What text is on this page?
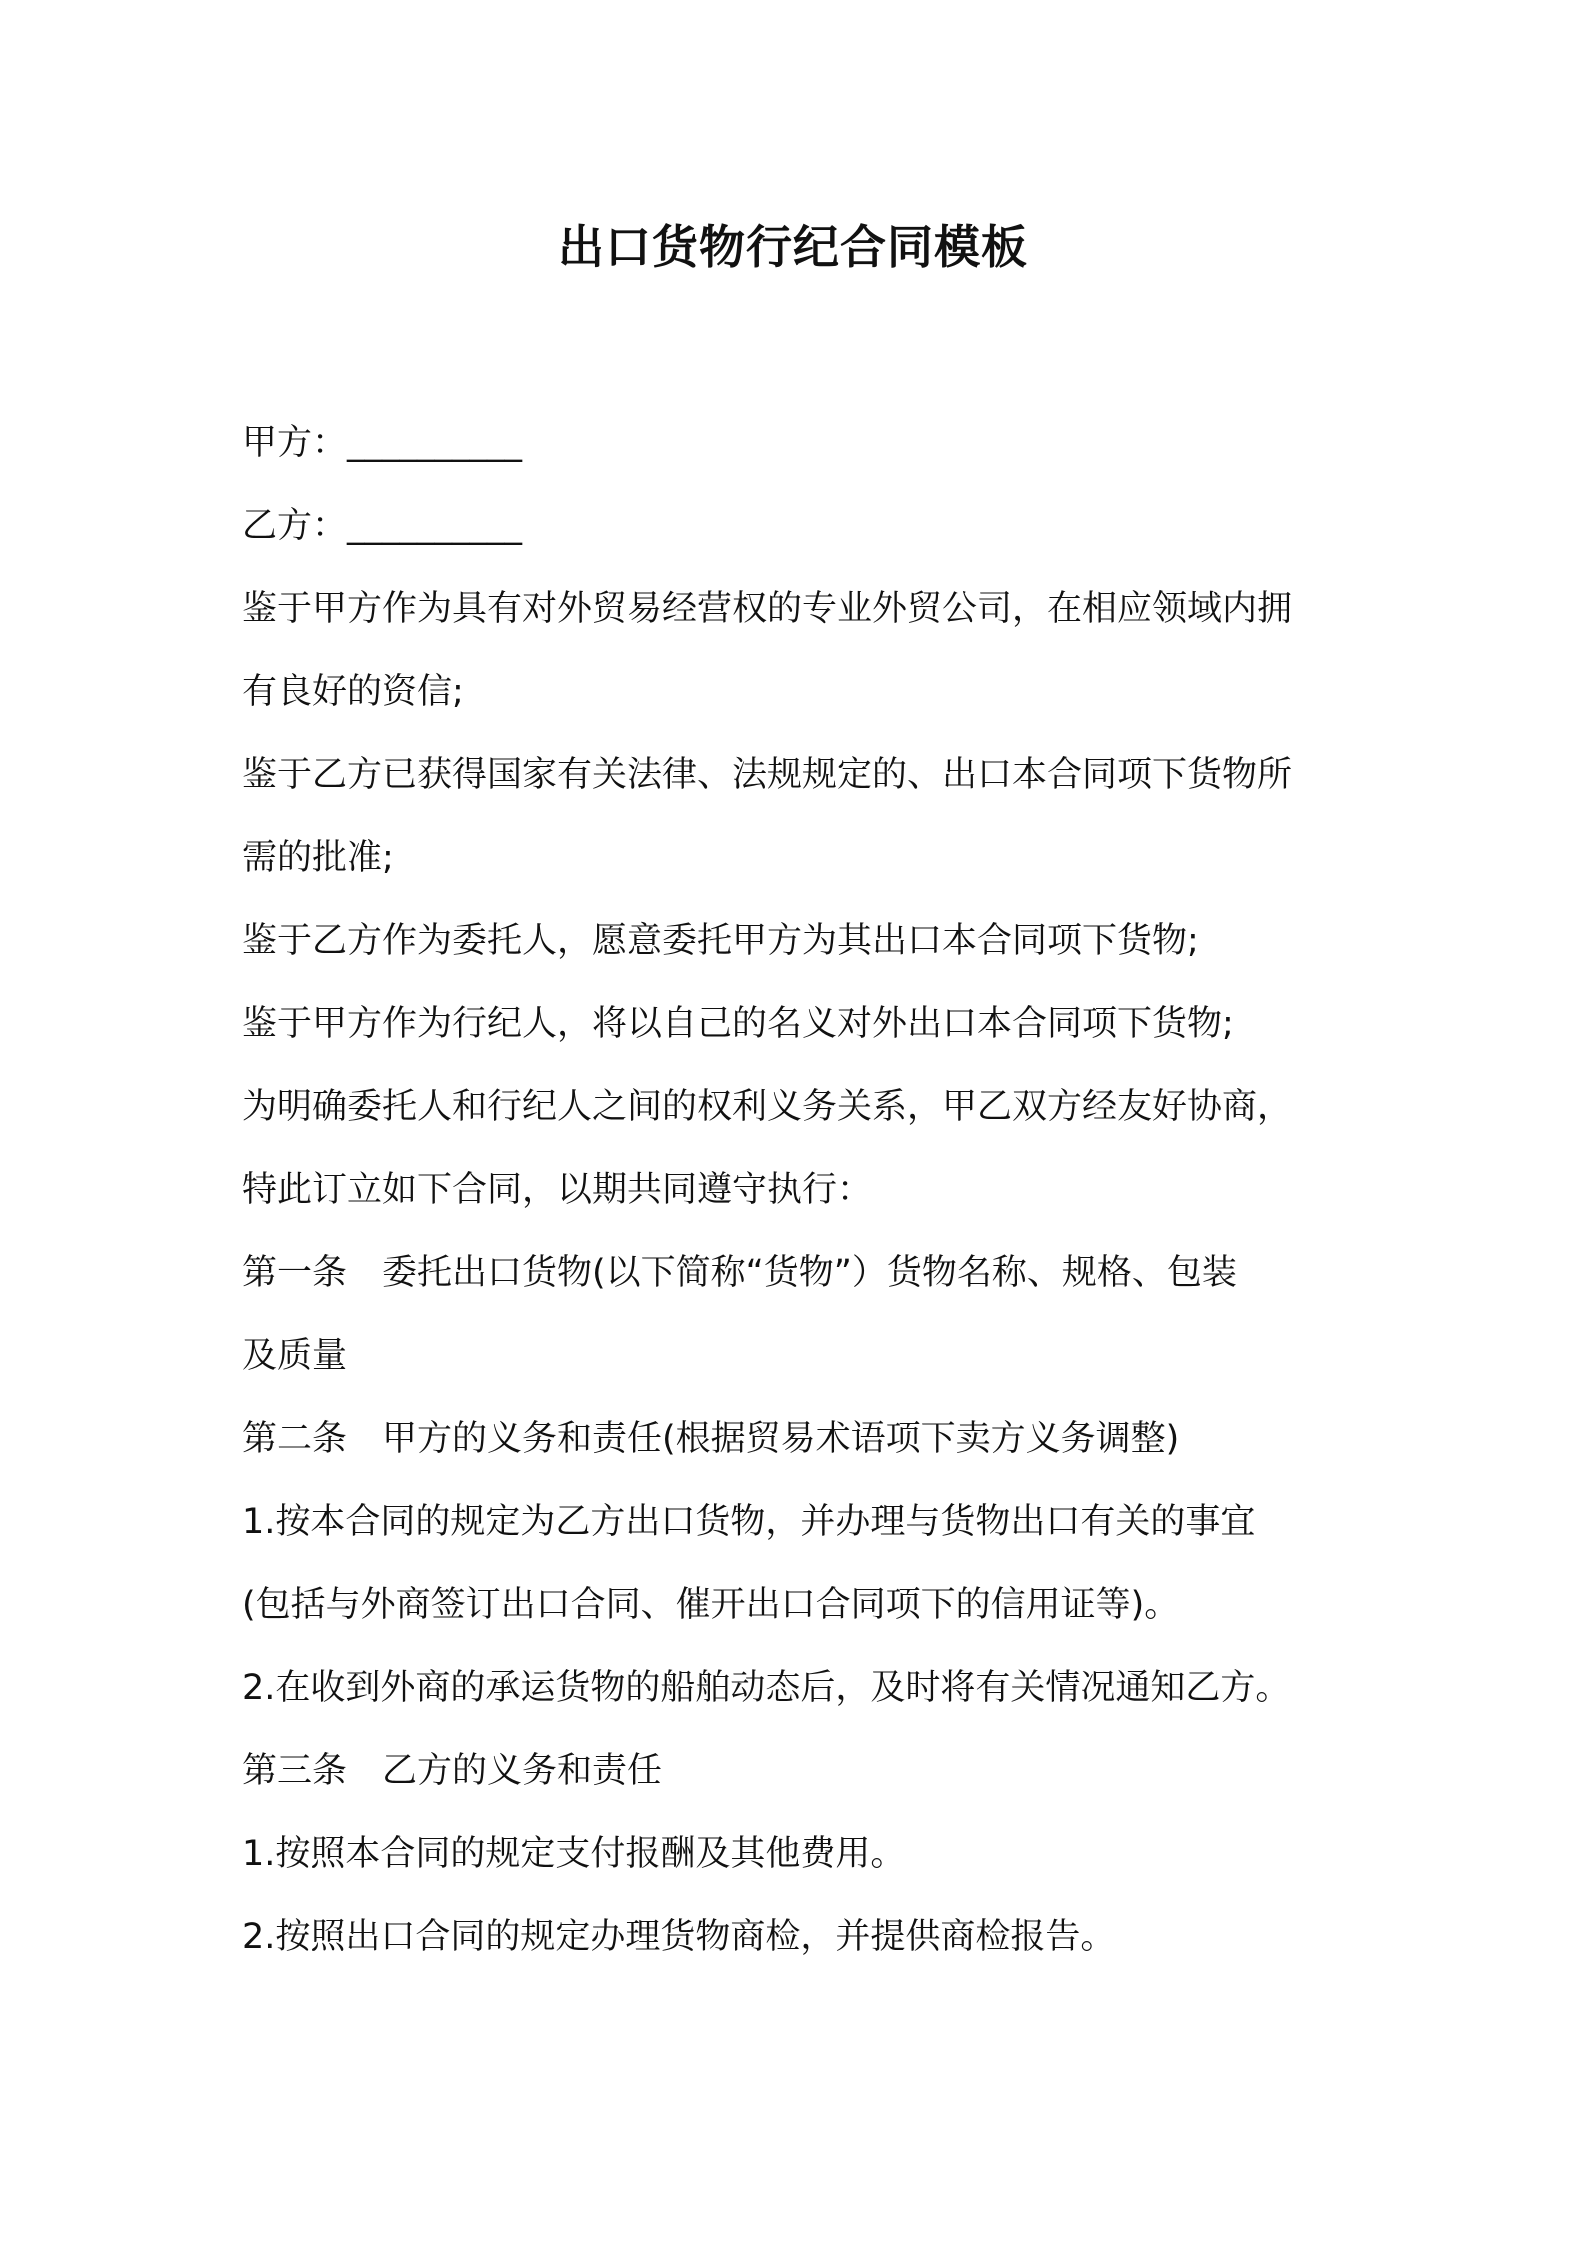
出口货物行纪合同模板
甲方：__________
乙方：__________
鉴于甲方作为具有对外贸易经营权的专业外贸公司，在相应领域内拥
有良好的资信;
鉴于乙方已获得国家有关法律、法规规定的、出口本合同项下货物所
需的批准;
鉴于乙方作为委托人，愿意委托甲方为其出口本合同项下货物;
鉴于甲方作为行纪人，将以自己的名义对外出口本合同项下货物;
为明确委托人和行纪人之间的权利义务关系，甲乙双方经友好协商，
特此订立如下合同，以期共同遵守执行：
第一条　委托出口货物(以下简称“货物”）货物名称、规格、包装
及质量
第二条　甲方的义务和责任(根据贸易术语项下卖方义务调整)
1.按本合同的规定为乙方出口货物，并办理与货物出口有关的事宜
(包括与外商签订出口合同、催开出口合同项下的信用证等)。
2.在收到外商的承运货物的船舶动态后，及时将有关情况通知乙方。
第三条　乙方的义务和责任
1.按照本合同的规定支付报酬及其他费用。
2.按照出口合同的规定办理货物商检，并提供商检报告。
